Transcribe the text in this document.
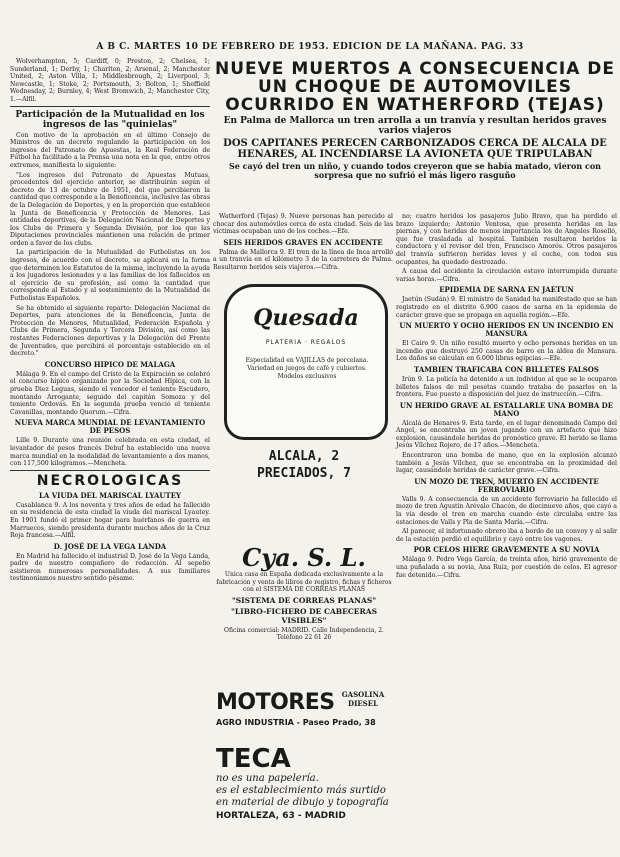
A B C. MARTES 10 DE FEBRERO DE 1953. EDICION DE LA MAÑANA. PAG. 33
Wolverhampton, 5; Cardiff, 0; Preston, 2; Chelsea, 1; Sunderland, 1; Derby, 1; Charlton, 2; Arsenal, 2; Manchester United, 2; Aston Villa, 1; Middlesbrough, 2; Liverpool, 3; Newcastle, 1; Stoke, 2; Portsmouth, 3; Bolton, 1; Sheffield Wednesday, 2; Burnley, 4; West Bromwich, 2; Manchester City, 1.—Alfil.
Participación de la Mutualidad en los ingresos de las "quinielas"
Con motivo de la aprobación en el último Consejo de Ministros de un decreto regulando la participación en los ingresos del Patronato de Apuestas, la Real Federación de Fútbol ha facilitado a la Prensa una nota en la que, entre otros extremos, manifiesta lo siguiente:
"Los ingresos del Patronato de Apuestas Mutuas, procedentes del ejercicio anterior, se distribuirán según el decreto de 13 de octubre de 1951, del que percibieron la cantidad que corresponde a la Beneficencia, inclusive las obras de la Delegación de Deportes, y en la proporción que establece la Junta de Beneficencia y Protección de Menores. Las entidades deportivas, de la Delegación Nacional de Deportes y los Clubs de Primera y Segunda División, por los que las Diputaciones provinciales mantienen una relación de primer orden a favor de los clubs.
La participación de la Mutualidad de Futbolistas en los ingresos, de acuerdo con el decreto, se aplicará en la forma que determinen los Estatutos de la misma, incluyendo la ayuda a los jugadores lesionados y a las familias de los fallecidos en el ejercicio de su profesión, así como la cantidad que corresponde al Estado y al sostenimiento de la Mutualidad de Futbolistas Españoles.
Se ha obtenido el siguiente reparto: Delegación Nacional de Deportes, para atenciones de la Beneficencia, Junta de Protección de Menores, Mutualidad, Federación Española y Clubs de Primera, Segunda y Tercera División, así como las restantes Federaciones deportivas y la Delegación del Frente de Juventudes, que percibirá el porcentaje establecido en el decreto."
CONCURSO HIPICO DE MALAGA
Málaga 9. En el campo del Cristo de la Expiración se celebró el concurso hípico organizado por la Sociedad Hípica, con la prueba Diez Leguas, siendo el vencedor el teniente Escudero, montando Arrogante, seguido del capitán Somoza y del teniente Ordovás. En la segunda prueba venció el teniente Cavanillas, montando Quorum.—Cifra.
NUEVA MARCA MUNDIAL DE LEVANTAMIENTO DE PESOS
Lille 9. Durante una reunión celebrada en esta ciudad, el levantador de pesos francés Debuf ha establecido una nueva marca mundial en la modalidad de levantamiento a dos manos, con 117,500 kilogramos.—Mencheta.
NECROLOGICAS
LA VIUDA DEL MARISCAL LYAUTEY
Casablanca 9. A los noventa y tres años de edad ha fallecido en su residencia de esta ciudad la viuda del mariscal Lyautey. En 1901 fundó el primer hogar para huérfanos de guerra en Marruecos, siendo presidenta durante muchos años de la Cruz Roja francesa.—Alfil.
D. JOSÉ DE LA VEGA LANDA
En Madrid ha fallecido el industrial D. José de la Vega Landa, padre de nuestro compañero de redacción. Al sepelio asistieron numerosas personalidades. A sus familiares testimoniamos nuestro sentido pésame.
NUEVE MUERTOS A CONSECUENCIA DE UN CHOQUE DE AUTOMOVILES OCURRIDO EN WATHERFORD (TEJAS)
En Palma de Mallorca un tren arrolla a un tranvía y resultan heridos graves varios viajeros
DOS CAPITANES PERECEN CARBONIZADOS CERCA DE ALCALA DE HENARES, AL INCENDIARSE LA AVIONETA QUE TRIPULABAN
Se cayó del tren un niño, y cuando todos creyeron que se había matado, vieron con sorpresa que no sufrió el más ligero rasguño
Watherford (Tejas) 9. Nueve personas han perecido al chocar dos automóviles cerca de esta ciudad. Seis de las víctimas ocupaban uno de los coches.—Efe.
SEIS HERIDOS GRAVES EN ACCIDENTE
Palma de Mallorca 9. El tren de la línea de Inca arrolló a un tranvía en el kilómetro 3 de la carretera de Palma. Resultaron heridos seis viajeros.—Cifra.
no; cuatro heridos los pasajeros Julio Bravo, que ha perdido el brazo izquierdo; Antonio Ventosa, que presenta heridas en las piernas, y con heridas de menos importancia los de Angeles Roselló, que fue trasladada al hospital. También resultaron heridos la conductora y el revisor del tren, Francisco Amorós. Otros pasajeros del tranvía sufrieron heridas leves y el coche, con todos sus ocupantes, ha quedado destrozado.
A causa del accidente la circulación estuvo interrumpida durante varias horas.—Cifra.
EPIDEMIA DE SARNA EN JAETUN
Jaetún (Sudán) 9. El ministro de Sanidad ha manifestado que se han registrado en el distrito 6.900 casos de sarna en la epidemia de carácter grave que se propaga en aquella región.—Efe.
UN MUERTO Y OCHO HERIDOS EN UN INCENDIO EN MANSURA
El Cairo 9. Un niño resultó muerto y ocho personas heridas en un incendio que destruyó 250 casas de barro en la aldea de Mansura. Los daños se calculan en 6.000 libras egipcias.—Efe.
TAMBIEN TRAFICABA CON BILLETES FALSOS
Irún 9. La policía ha detenido a un individuo al que se le ocuparon billetes falsos de mil pesetas cuando trataba de pasarlos en la frontera. Fue puesto a disposición del juez de instrucción.—Cifra.
UN HERIDO GRAVE AL ESTALLARLE UNA BOMBA DE MANO
Alcalá de Henares 9. Esta tarde, en el lugar denominado Campo del Angel, se encontraba un joven jugando con un artefacto que hizo explosión, causándole heridas de pronóstico grave. El herido se llama Jesús Vílchez Rojero, de 17 años.—Mencheta.
Encontraron una bomba de mano, que en la explosión alcanzó también a Jesús Vílchez, que se encontraba en la proximidad del lugar, causándole heridas de carácter grave.—Cifra.
UN MOZO DE TREN, MUERTO EN ACCIDENTE FERROVIARIO
Valls 9. A consecuencia de un accidente ferroviario ha fallecido el mozo de tren Agustín Arévalo Chacón, de diecinueve años, que cayó a la vía desde el tren en marcha cuando éste circulaba entre las estaciones de Valls y Pla de Santa María.—Cifra.
Al parecer, el infortunado obrero iba a bordo de un convoy y al salir de la estación perdió el equilibrio y cayó entre los vagones.
POR CELOS HIERE GRAVEMENTE A SU NOVIA
Málaga 9. Pedro Vega García, de treinta años, hirió gravemente de una puñalada a su novia, Ana Ruiz, por cuestión de celos. El agresor fue detenido.—Cifra.
Quesada
PLATERIA · REGALOS
Especialidad en VAJILLAS de porcelana. Variedad en juegos de café y cubiertos. Modelos exclusivos
ALCALA, 2
PRECIADOS, 7
Cya. S. L.
Unica casa en España dedicada exclusivamente a la fabricación y venta de libros de registro, fichas y ficheros con el SISTEMA DE CORREAS PLANAS
"SISTEMA DE CORREAS PLANAS"
"LIBRO-FICHERO DE CABECERAS VISIBLES"
Oficina comercial: MADRID. Calle Independencia, 2. Teléfono 22 61 26
MOTORES	GASOLINA DIESEL
AGRO INDUSTRIA - Paseo Prado, 38
TECA
no es una papelería.
es el establecimiento más surtido
en material de dibujo y topografía
HORTALEZA, 63 - MADRID
